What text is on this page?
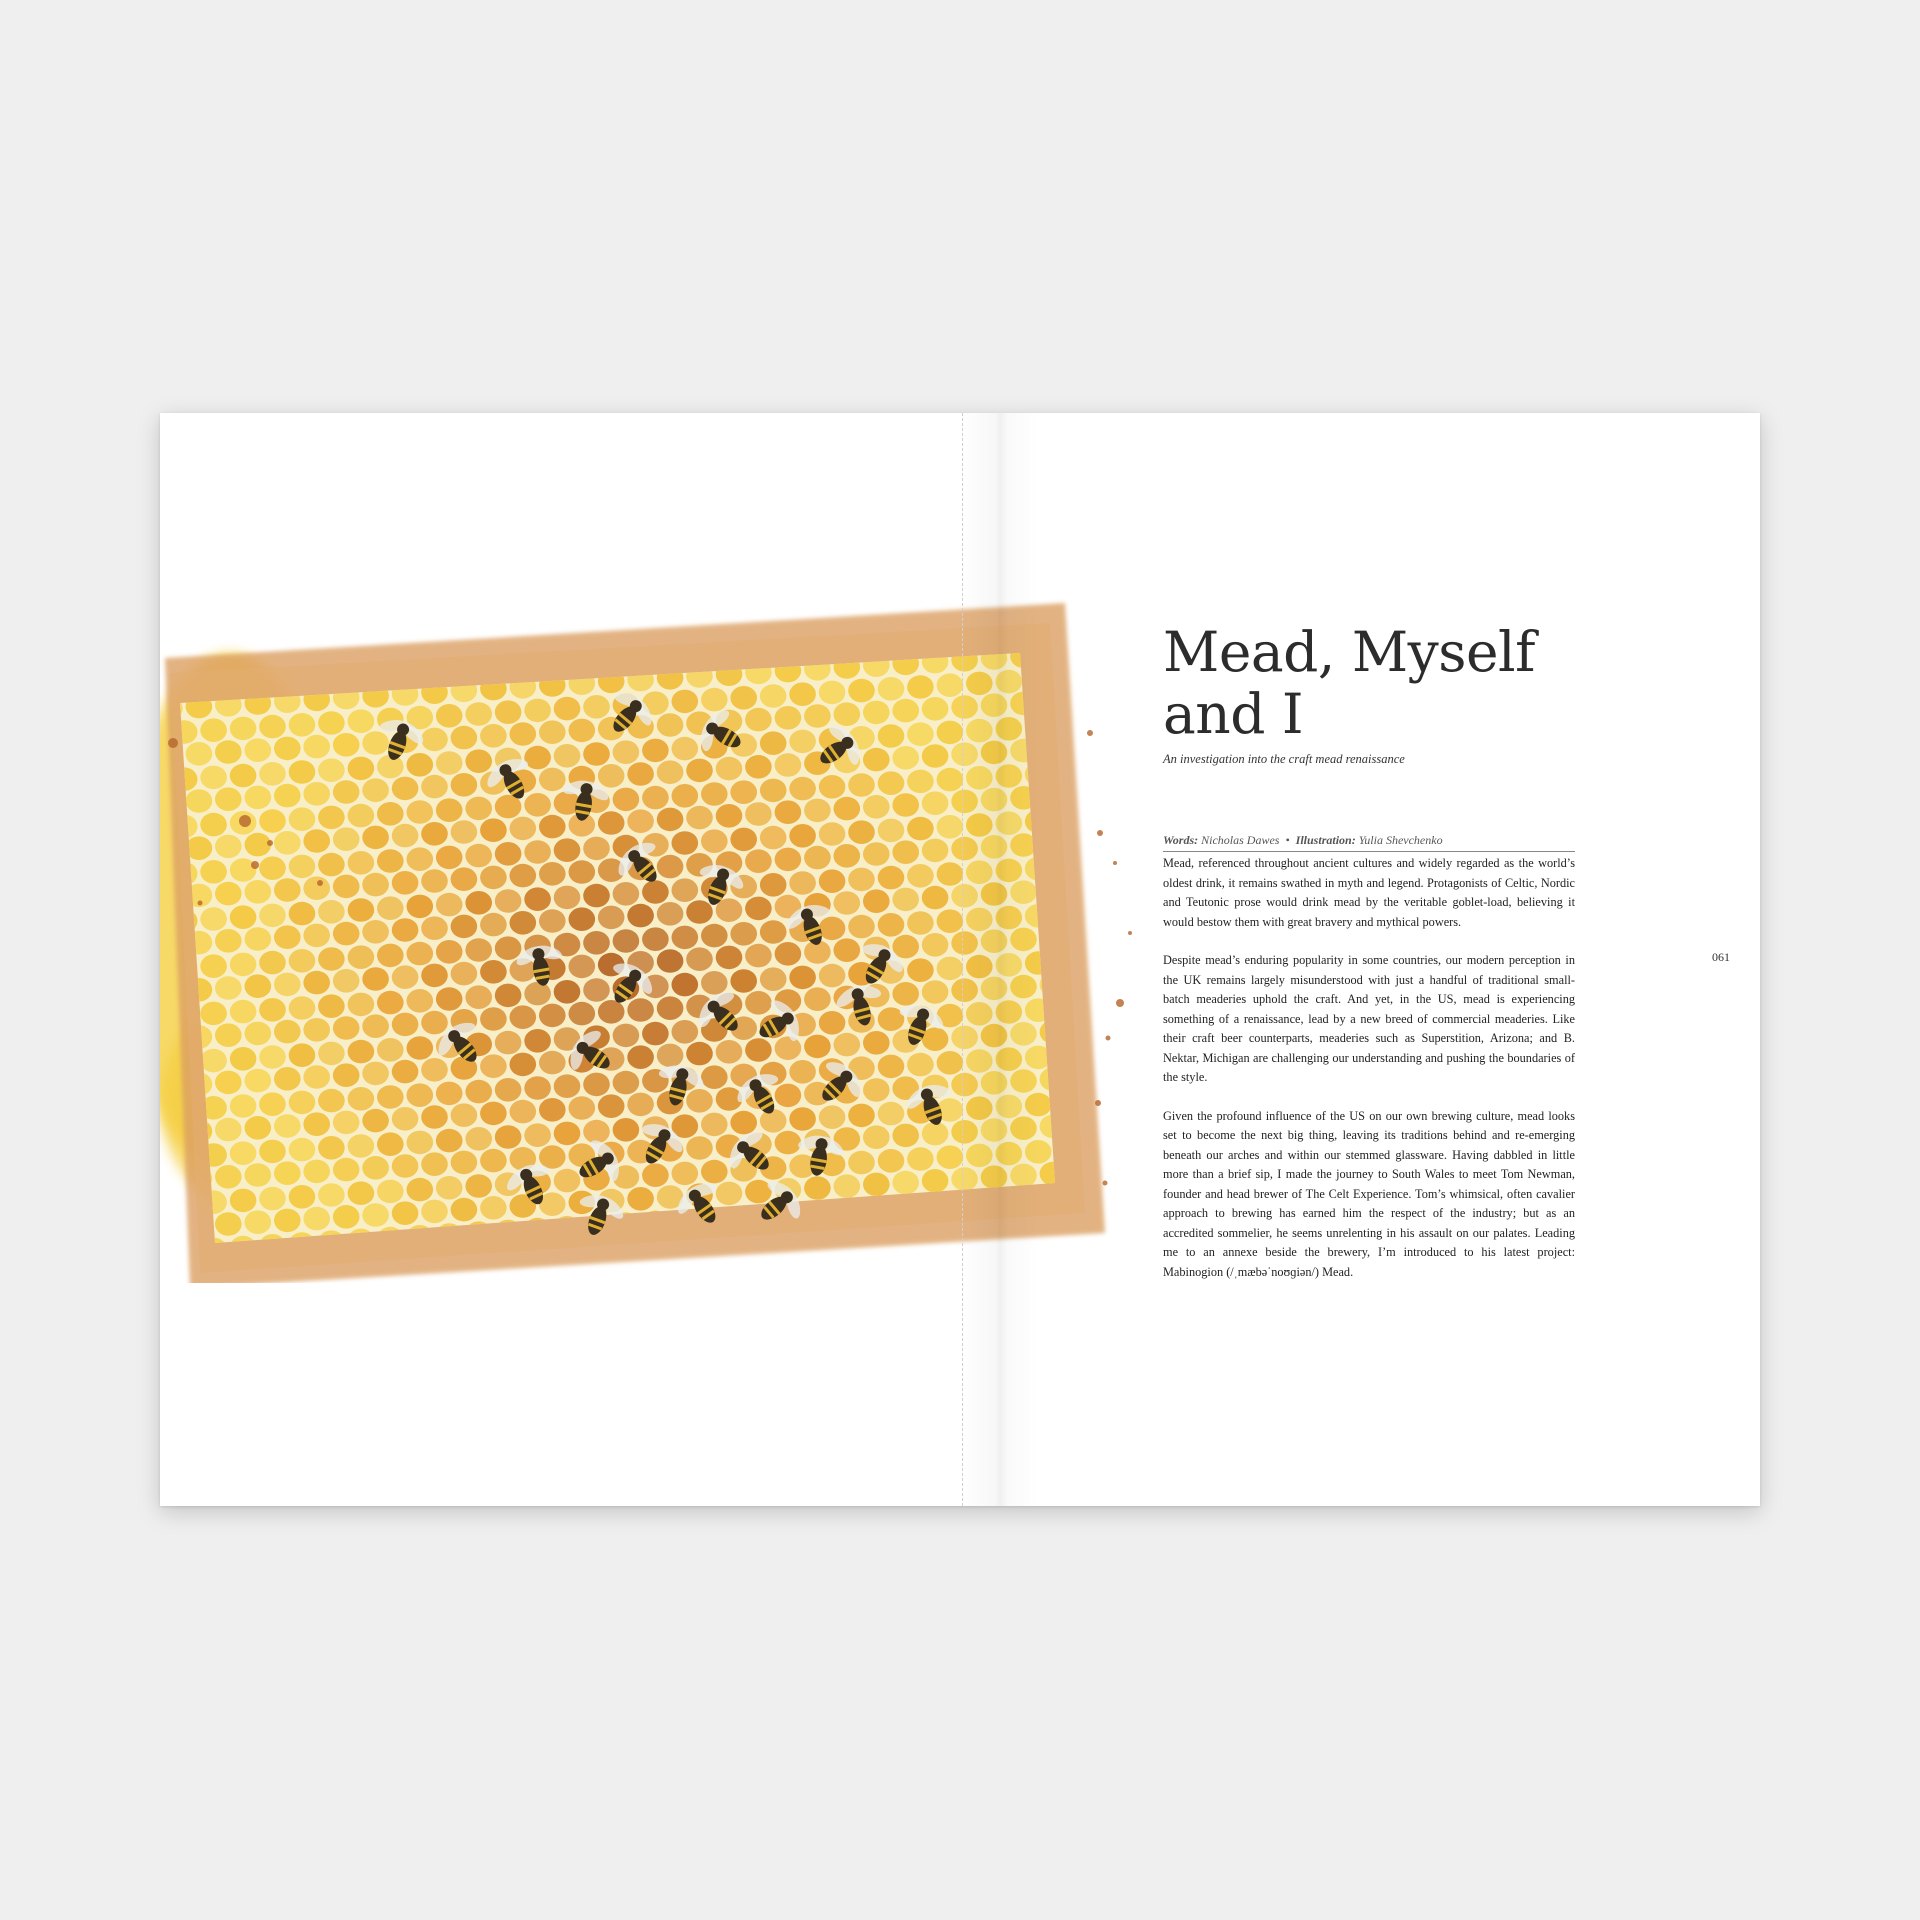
Mead, Myself
and I

An investigation into the craft mead renaissance

Words: Nicholas Dawes • Illustration: Yulia Shevchenko

Mead, referenced throughout ancient cultures and widely regarded as the world’s oldest drink, it remains swathed in myth and legend. Protagonists of Celtic, Nordic and Teutonic prose would drink mead by the veritable goblet-load, believing it would bestow them with great bravery and mythical powers.

Despite mead’s enduring popularity in some countries, our modern perception in the UK remains largely misunderstood with just a handful of traditional small-batch meaderies uphold the craft. And yet, in the US, mead is experiencing something of a renaissance, lead by a new breed of commercial meaderies. Like their craft beer counterparts, meaderies such as Superstition, Arizona; and B. Nektar, Michigan are challenging our understanding and pushing the boundaries of the style.

Given the profound influence of the US on our own brewing culture, mead looks set to become the next big thing, leaving its traditions behind and re-emerging beneath our arches and within our stemmed glassware. Having dabbled in little more than a brief sip, I made the journey to South Wales to meet Tom Newman, founder and head brewer of The Celt Experience. Tom’s whimsical, often cavalier approach to brewing has earned him the respect of the industry; but as an accredited sommelier, he seems unrelenting in his assault on our palates. Leading me to an annexe beside the brewery, I’m introduced to his latest project: Mabinogion (/ˌmæbəˈnoʊɡiən/) Mead.

061
